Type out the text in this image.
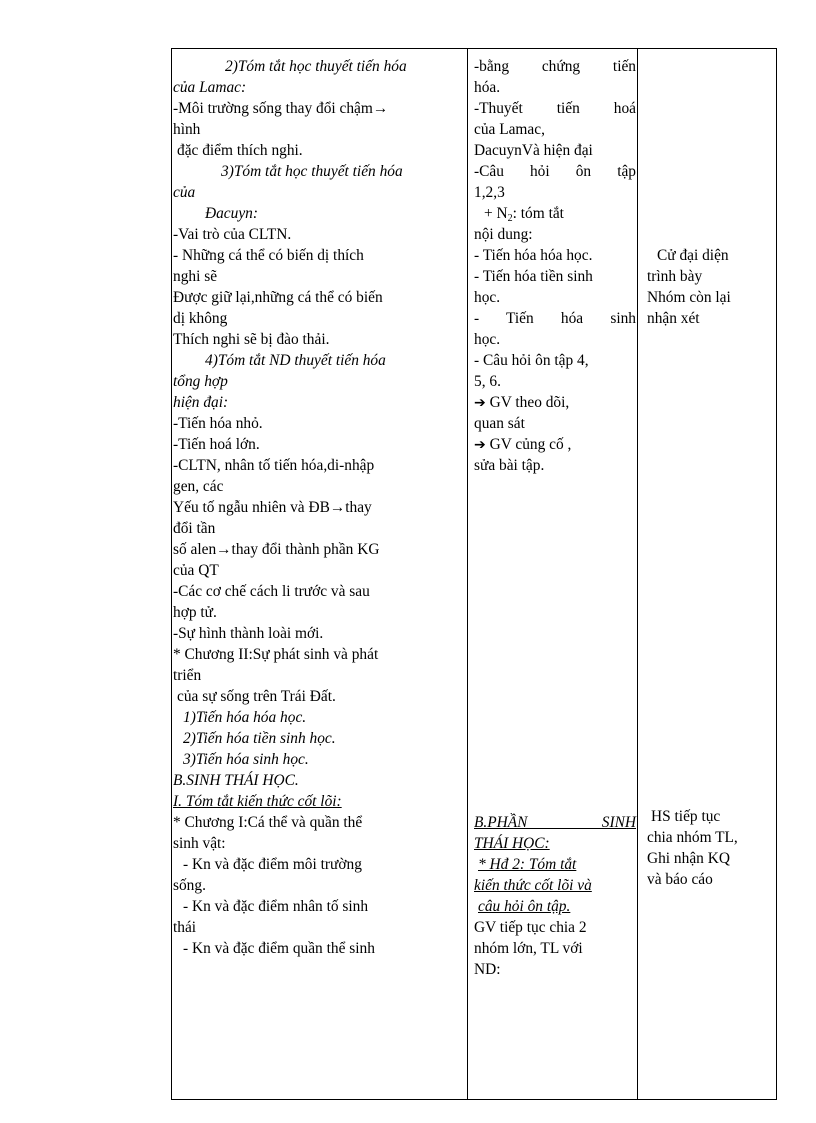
2)Tóm tắt học thuyết tiến hóa
của Lamac:
-Môi trường sống thay đổi chậm→
hình
đặc điểm thích nghi.
3)Tóm tắt học thuyết tiến hóa
của
Đacuyn:
-Vai trò của CLTN.
- Những cá thể có biến dị thích
nghi sẽ
Được giữ lại,những cá thể có biến
dị không
Thích nghi sẽ bị đào thải.
4)Tóm tắt ND thuyết tiến hóa
tổng hợp
hiện đại:
-Tiến hóa nhỏ.
-Tiến hoá lớn.
-CLTN, nhân tố tiến hóa,di-nhập
gen, các
Yếu tố ngẫu nhiên và ĐB→thay
đổi tần
số alen→thay đổi thành phần KG
của QT
-Các cơ chế cách li trước và sau
hợp tử.
-Sự hình thành loài mới.
* Chương II:Sự phát sinh và phát
triển
của sự sống trên Trái Đất.
1)Tiến hóa hóa học.
2)Tiến hóa tiền sinh học.
3)Tiến hóa sinh học.
B.SINH THÁI HỌC.
I. Tóm tắt kiến thức cốt lõi:
* Chương I:Cá thể và quần thể
sinh vật:
- Kn và đặc điểm môi trường
sống.
- Kn và đặc điểm nhân tố sinh
thái
- Kn và đặc điểm quần thể sinh
-bằng chứng tiến
hóa.
-Thuyết tiến hoá
của Lamac,
DacuynVà hiện đại
-Câu hỏi ôn tập
1,2,3
+ $N_2$: tóm tắt
nội dung:
- Tiến hóa hóa học.
- Tiến hóa tiền sinh
học.
- Tiến hóa sinh
học.
- Câu hỏi ôn tập 4,
5, 6.
➔ GV theo dõi,
quan sát
➔ GV củng cố ,
sửa bài tập.
B.PHẦN SINH
THÁI HỌC:
* Hđ 2: Tóm tắt
kiến thức cốt lõi và
câu hỏi ôn tập.
GV tiếp tục chia 2
nhóm lớn, TL với
ND:
Cử đại diện
trình bày
Nhóm còn lại
nhận xét
HS tiếp tục
chia nhóm TL,
Ghi nhận KQ
và báo cáo
